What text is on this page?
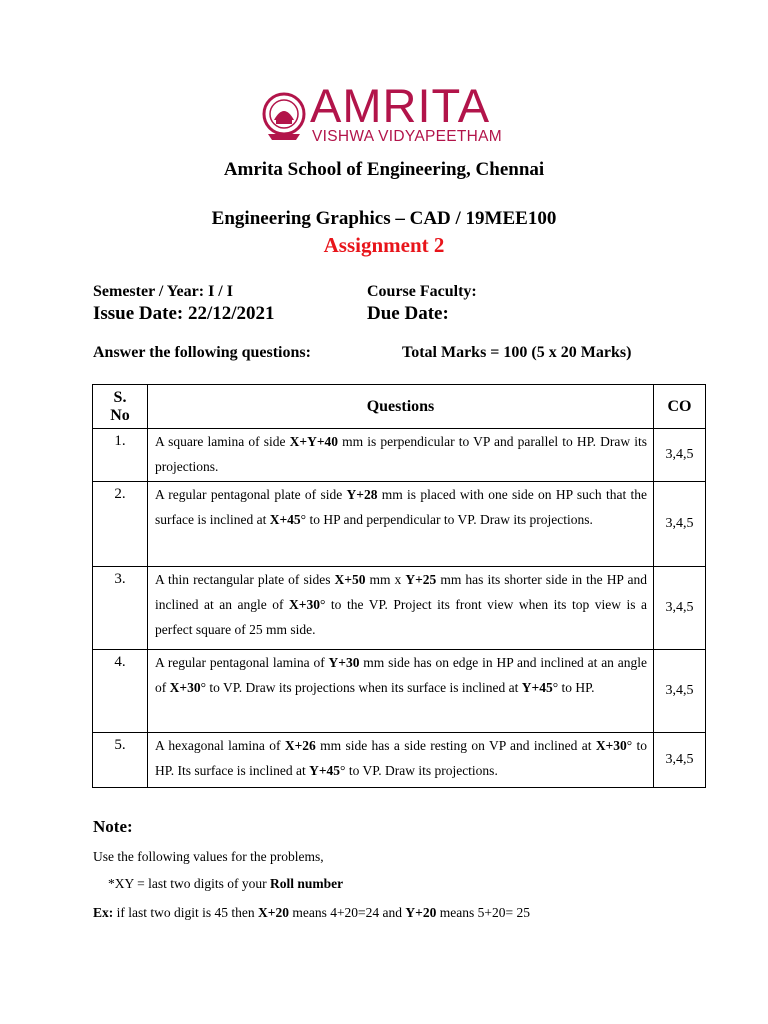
AMRITA
VISHWA VIDYAPEETHAM
Amrita School of Engineering, Chennai
Engineering Graphics – CAD / 19MEE100
Assignment 2
Semester / Year: I / I	Course Faculty:
Issue Date: 22/12/2021	Due Date:
Answer the following questions:	Total Marks = 100 (5 x 20 Marks)
S.
No	Questions	CO
1.	A square lamina of side X+Y+40 mm is perpendicular to VP and parallel to HP. Draw its projections.	3,4,5
2.	A regular pentagonal plate of side Y+28 mm is placed with one side on HP such that the surface is inclined at X+45° to HP and perpendicular to VP. Draw its projections.	3,4,5
3.	A thin rectangular plate of sides X+50 mm x Y+25 mm has its shorter side in the HP and inclined at an angle of X+30° to the VP. Project its front view when its top view is a perfect square of 25 mm side.	3,4,5
4.	A regular pentagonal lamina of Y+30 mm side has on edge in HP and inclined at an angle of X+30° to VP. Draw its projections when its surface is inclined at Y+45° to HP.	3,4,5
5.	A hexagonal lamina of X+26 mm side has a side resting on VP and inclined at X+30° to HP. Its surface is inclined at Y+45° to VP. Draw its projections.	3,4,5
Note:
Use the following values for the problems,
*XY = last two digits of your Roll number
Ex: if last two digit is 45 then X+20 means 4+20=24 and Y+20 means 5+20= 25
